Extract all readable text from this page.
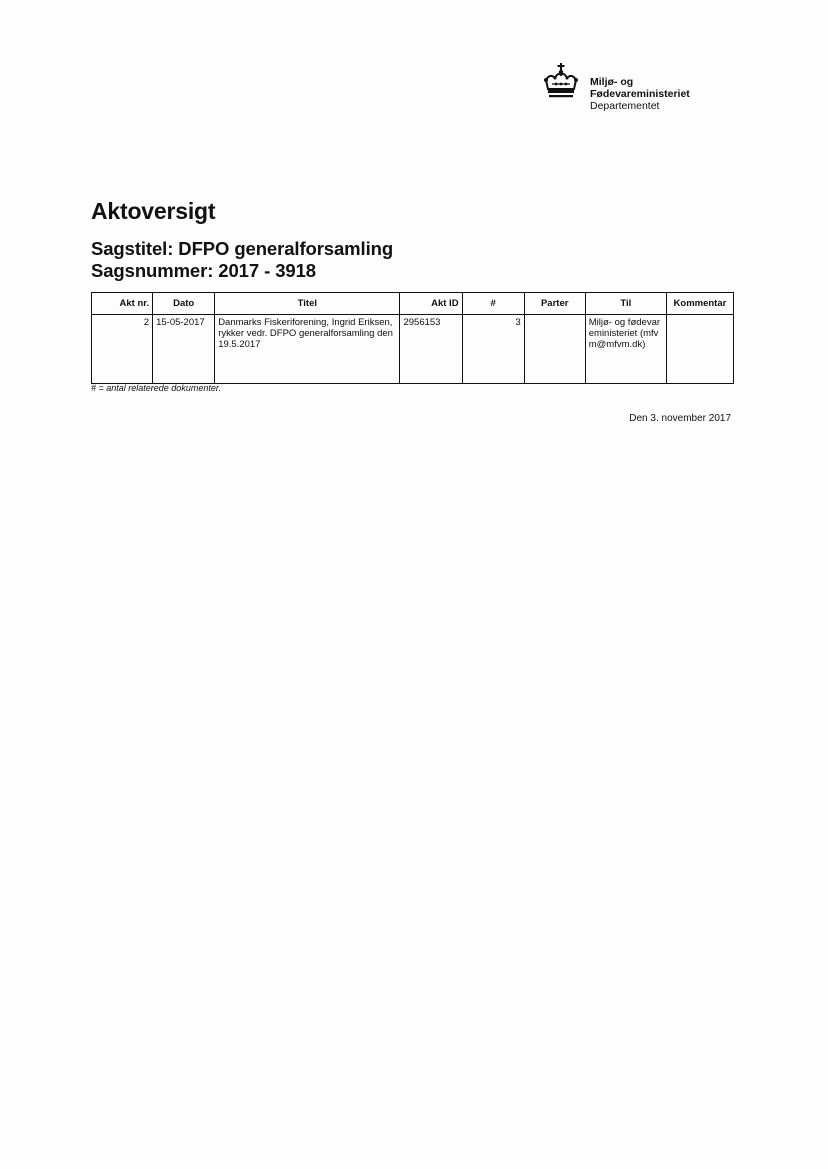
Miljø- og
Fødevareministeriet
Departementet
Aktoversigt
Sagstitel: DFPO generalforsamling
Sagsnummer: 2017 - 3918
Akt nr.	Dato	Titel	Akt ID	#	Parter	Til	Kommentar
2	15-05-2017	Danmarks Fiskeriforening, Ingrid Eriksen, rykker vedr. DFPO generalforsamling den 19.5.2017	2956153	3		Miljø- og fødevareministeriet (mfvm@mfvm.dk)	
# = antal relaterede dokumenter.
Den 3. november 2017
